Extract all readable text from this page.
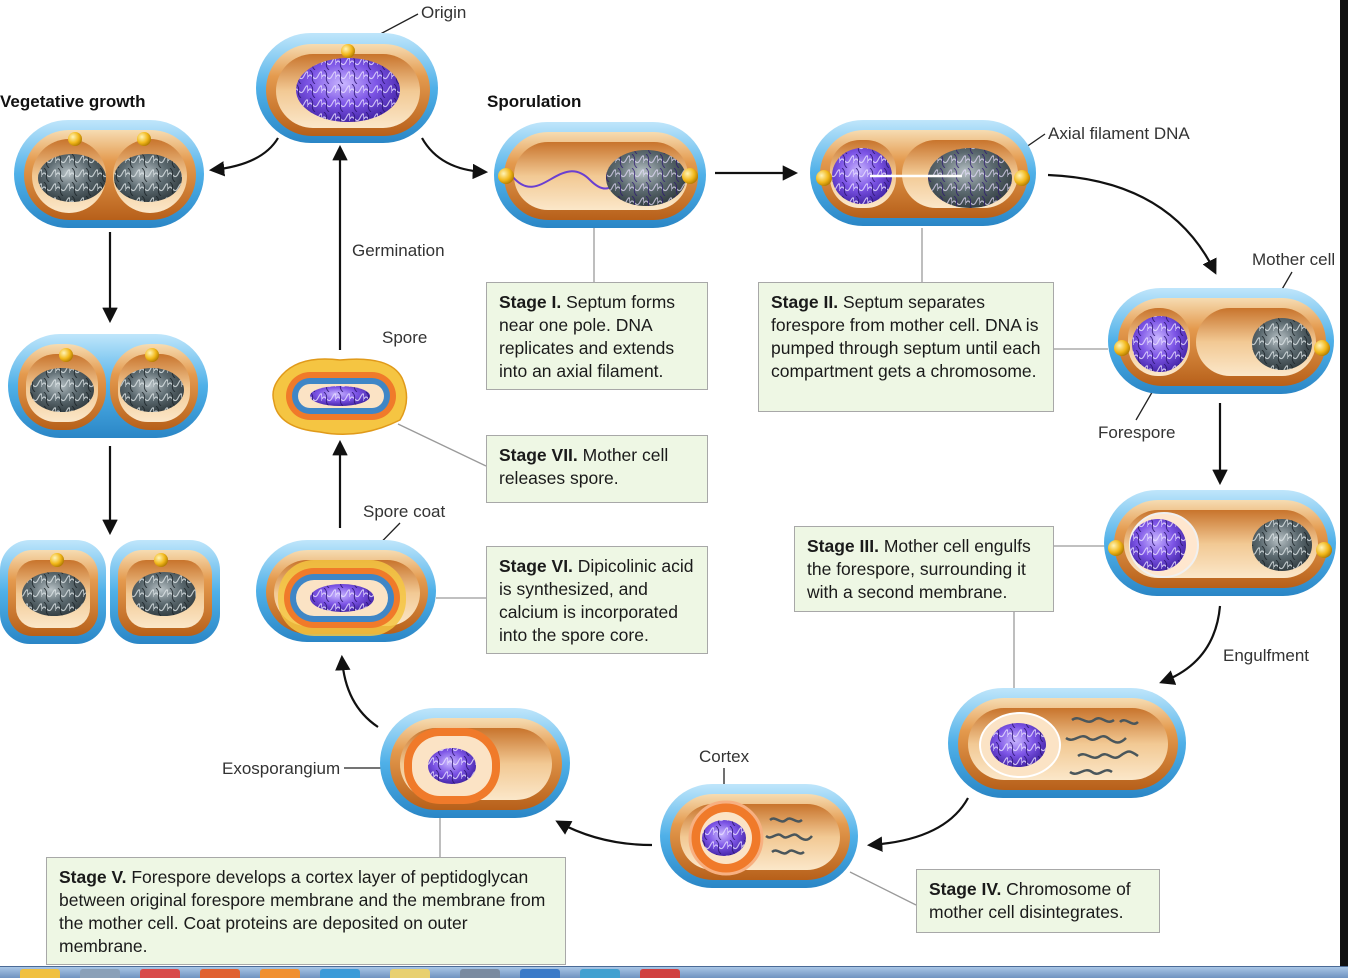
Origin
Vegetative growth	Sporulation
Axial filament DNA
Germination	Mother cell
Spore
Forespore
Spore coat
Engulfment
Cortex
Exosporangium
Stage I. Septum forms near one pole. DNA replicates and extends into an axial filament.
Stage II. Septum separates forespore from mother cell. DNA is pumped through septum until each compartment gets a chromosome.
Stage VII. Mother cell releases spore.
Stage III. Mother cell engulfs the forespore, surrounding it with a second membrane.
Stage VI. Dipicolinic acid is synthesized, and calcium is incorporated into the spore core.
Stage IV. Chromosome of mother cell disintegrates.
Stage V. Forespore develops a cortex layer of peptidoglycan between original forespore membrane and the membrane from the mother cell. Coat proteins are deposited on outer membrane.
